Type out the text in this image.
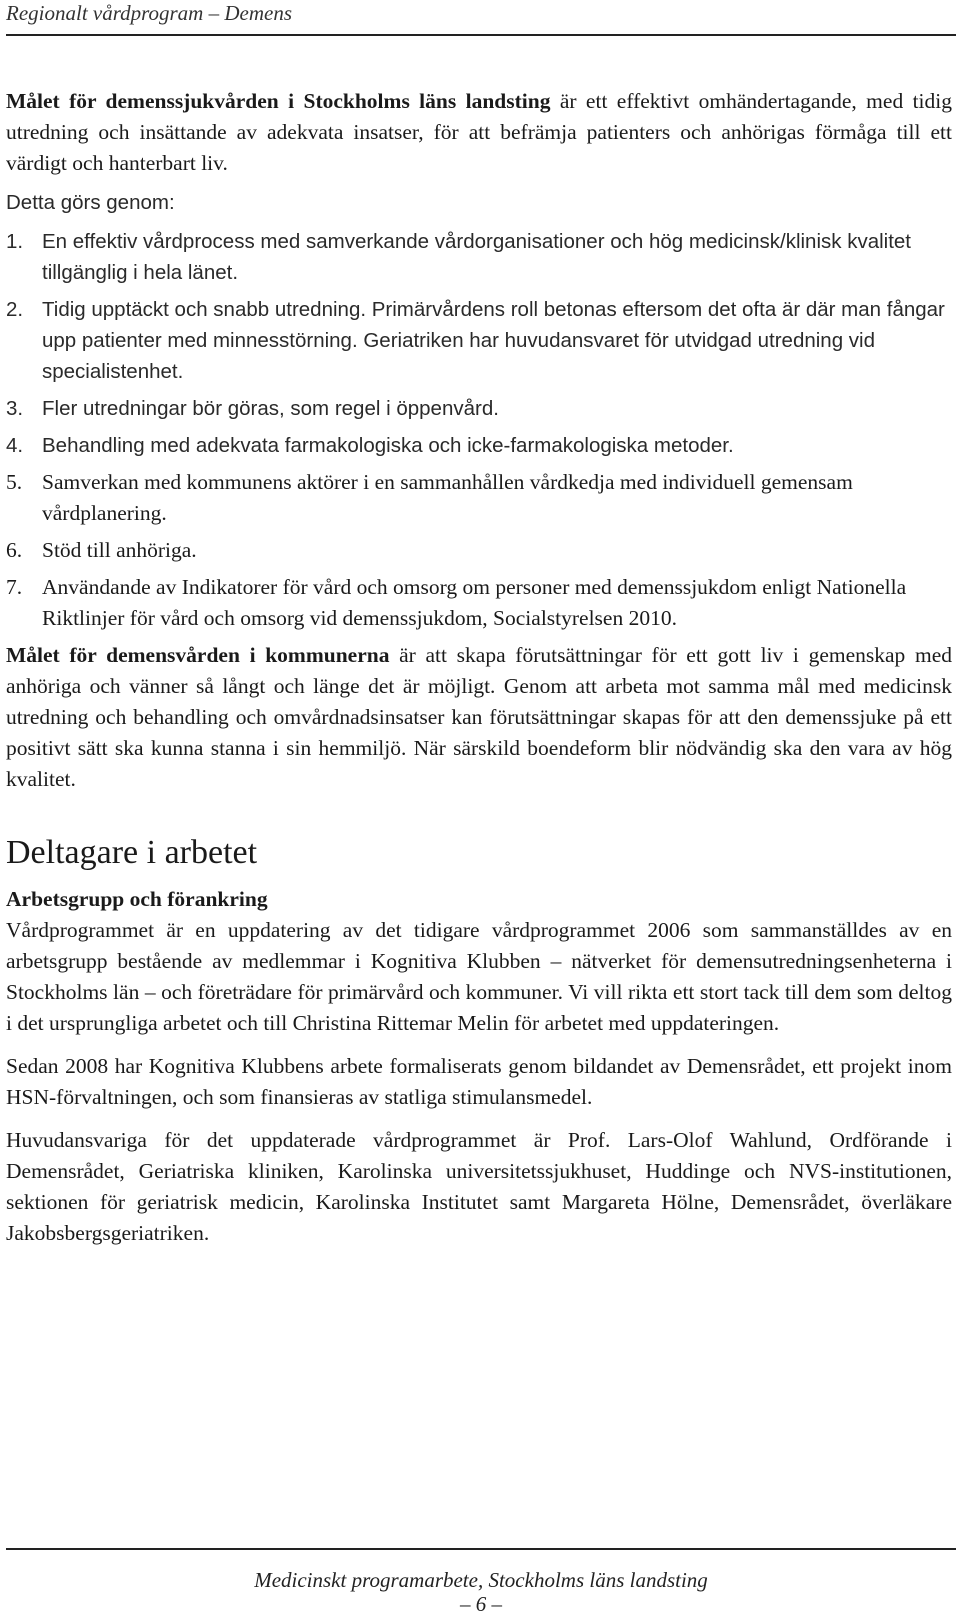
Regionalt vårdprogram – Demens

Målet för demenssjukvården i Stockholms läns landsting är ett effektivt omhändertagande, med tidig utredning och insättande av adekvata insatser, för att befrämja patienters och anhörigas förmåga till ett värdigt och hanterbart liv.

Detta görs genom:

1. En effektiv vårdprocess med samverkande vårdorganisationer och hög medicinsk/klinisk kvalitet tillgänglig i hela länet.
2. Tidig upptäckt och snabb utredning. Primärvårdens roll betonas eftersom det ofta är där man fångar upp patienter med minnesstörning. Geriatriken har huvudansvaret för utvidgad utredning vid specialistenhet.
3. Fler utredningar bör göras, som regel i öppenvård.
4. Behandling med adekvata farmakologiska och icke-farmakologiska metoder.
5. Samverkan med kommunens aktörer i en sammanhållen vårdkedja med individuell gemensam vårdplanering.
6. Stöd till anhöriga.
7. Användande av Indikatorer för vård och omsorg om personer med demenssjukdom enligt Nationella Riktlinjer för vård och omsorg vid demenssjukdom, Socialstyrelsen 2010.

Målet för demensvården i kommunerna är att skapa förutsättningar för ett gott liv i gemenskap med anhöriga och vänner så långt och länge det är möjligt. Genom att arbeta mot samma mål med medicinsk utredning och behandling och omvårdnadsinsatser kan förutsättningar skapas för att den demenssjuke på ett positivt sätt ska kunna stanna i sin hemmiljö. När särskild boendeform blir nödvändig ska den vara av hög kvalitet.

Deltagare i arbetet
Arbetsgrupp och förankring

Vårdprogrammet är en uppdatering av det tidigare vårdprogrammet 2006 som sammanställdes av en arbetsgrupp bestående av medlemmar i Kognitiva Klubben – nätverket för demensutredningsenheterna i Stockholms län – och företrädare för primärvård och kommuner. Vi vill rikta ett stort tack till dem som deltog i det ursprungliga arbetet och till Christina Rittemar Melin för arbetet med uppdateringen.

Sedan 2008 har Kognitiva Klubbens arbete formaliserats genom bildandet av Demensrådet, ett projekt inom HSN-förvaltningen, och som finansieras av statliga stimulansmedel.

Huvudansvariga för det uppdaterade vårdprogrammet är Prof. Lars-Olof Wahlund, Ordförande i Demensrådet, Geriatriska kliniken, Karolinska universitetssjukhuset, Huddinge och NVS-institutionen, sektionen för geriatrisk medicin, Karolinska Institutet samt Margareta Hölne, Demensrådet, överläkare Jakobsbergsgeriatriken.

Medicinskt programarbete, Stockholms läns landsting
– 6 –
